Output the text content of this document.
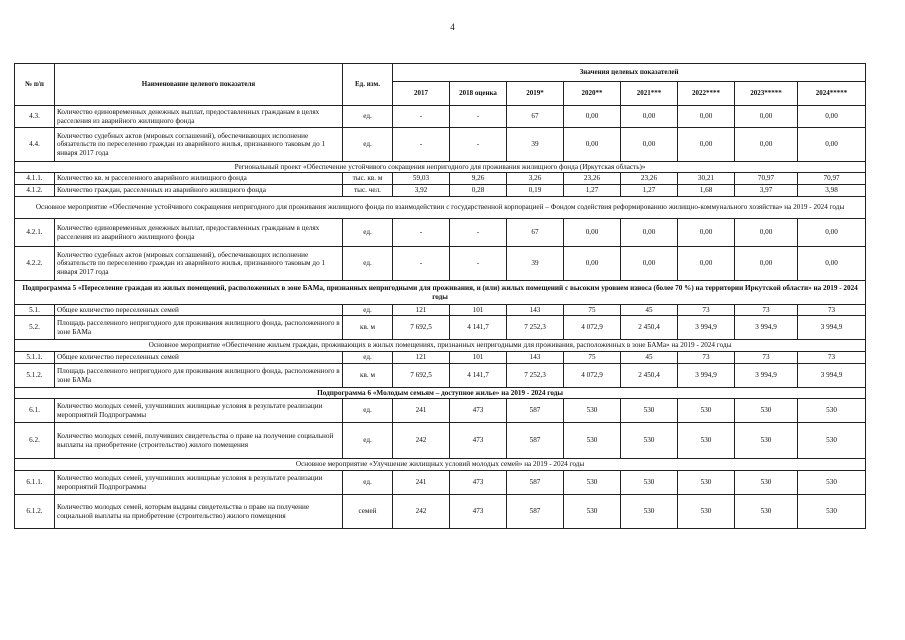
4
№ п/п	Наименование целевого показателя	Ед. изм.	Значения целевых показателей							
			2017	2018 оценка	2019*	2020**	2021***	2022****	2023*****	2024*****
4.3.	Количество единовременных денежных выплат, предоставленных гражданам в целях расселения из аварийного жилищного фонда	ед.	-	-	67	0,00	0,00	0,00	0,00	0,00
4.4.	Количество судебных актов (мировых соглашений), обеспечивающих исполнение обязательств по переселению граждан из аварийного жилья, признанного таковым до 1 января 2017 года	ед.	-	-	39	0,00	0,00	0,00	0,00	0,00
Региональный проект «Обеспечение устойчивого сокращения непригодного для проживания жилищного фонда (Иркутская область)»										
4.1.1.	Количество кв. м расселенного аварийного жилищного фонда	тыс. кв. м	59,03	9,26	3,26	23,26	23,26	30,21	70,97	70,97
4.1.2.	Количество граждан, расселенных из аварийного жилищного фонда	тыс. чел.	3,92	0,28	0,19	1,27	1,27	1,68	3,97	3,98
Основное мероприятие «Обеспечение устойчивого сокращения непригодного для проживания жилищного фонда по взаимодействии с государственной корпорацией – Фондом содействия реформированию жилищно-коммунального хозяйства» на 2019 - 2024 годы										
4.2.1.	Количество единовременных денежных выплат, предоставленных гражданам в целях расселения из аварийного жилищного фонда	ед.	-	-	67	0,00	0,00	0,00	0,00	0,00
4.2.2.	Количество судебных актов (мировых соглашений), обеспечивающих исполнение обязательств по переселению граждан из аварийного жилья, признанного таковым до 1 января 2017 года	ед.	-	-	39	0,00	0,00	0,00	0,00	0,00
Подпрограмма 5 «Переселение граждан из жилых помещений, расположенных в зоне БАМа, признанных непригодными для проживания, и (или) жилых помещений с высоким уровнем износа (более 70 %) на территории Иркутской области» на 2019 - 2024 годы										
5.1.	Общее количество переселенных семей	ед.	121	101	143	75	45	73	73	73
5.2.	Площадь расселенного непригодного для проживания жилищного фонда, расположенного в зоне БАМа	кв. м	7 692,5	4 141,7	7 252,3	4 072,9	2 450,4	3 994,9	3 994,9	3 994,9
Основное мероприятие «Обеспечение жильем граждан, проживающих в жилых помещениях, признанных непригодными для проживания, расположенных в зоне БАМа» на 2019 - 2024 годы										
5.1.1.	Общее количество переселенных семей	ед.	121	101	143	75	45	73	73	73
5.1.2.	Площадь расселенного непригодного для проживания жилищного фонда, расположенного в зоне БАМа	кв. м	7 692,5	4 141,7	7 252,3	4 072,9	2 450,4	3 994,9	3 994,9	3 994,9
Подпрограмма 6 «Молодым семьям – доступное жилье» на 2019 - 2024 годы										
6.1.	Количество молодых семей, улучшивших жилищные условия в результате реализации мероприятий Подпрограммы	ед.	241	473	587	530	530	530	530	530
6.2.	Количество молодых семей, получивших свидетельства о праве на получение социальной выплаты на приобретение (строительство) жилого помещения	ед.	242	473	587	530	530	530	530	530
Основное мероприятие «Улучшение жилищных условий молодых семей» на 2019 - 2024 годы										
6.1.1.	Количество молодых семей, улучшивших жилищные условия в результате реализации мероприятий Подпрограммы	ед.	241	473	587	530	530	530	530	530
6.1.2.	Количество молодых семей, которым выданы свидетельства о праве на получение социальной выплаты на приобретение (строительство) жилого помещения	семей	242	473	587	530	530	530	530	530
